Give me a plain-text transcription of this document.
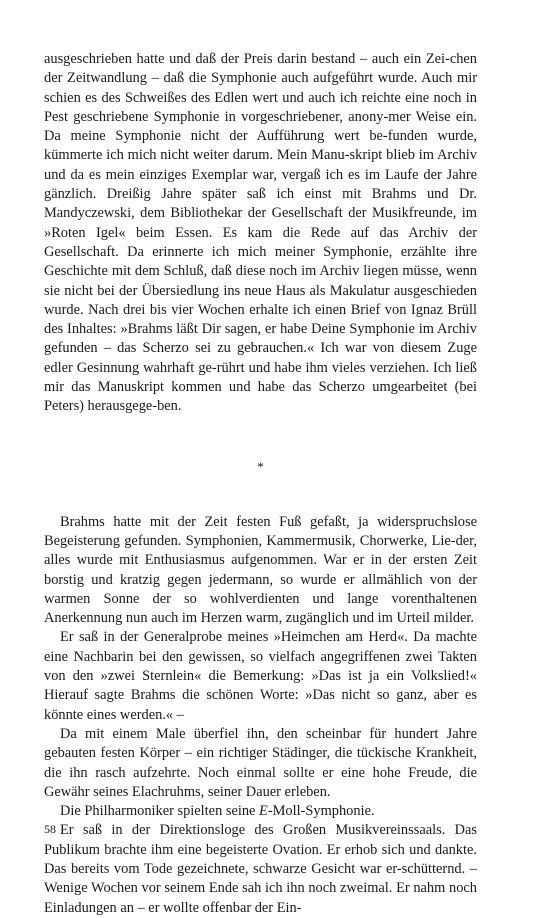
ausgeschrieben hatte und daß der Preis darin bestand – auch ein Zei-chen der Zeitwandlung – daß die Symphonie auch aufgeführt wurde. Auch mir schien es des Schweißes des Edlen wert und auch ich reichte eine noch in Pest geschriebene Symphonie in vorgeschriebener, anony-mer Weise ein. Da meine Symphonie nicht der Aufführung wert be-funden wurde, kümmerte ich mich nicht weiter darum. Mein Manu-skript blieb im Archiv und da es mein einziges Exemplar war, vergaß ich es im Laufe der Jahre gänzlich. Dreißig Jahre später saß ich einst mit Brahms und Dr. Mandyczewski, dem Bibliothekar der Gesellschaft der Musikfreunde, im »Roten Igel« beim Essen. Es kam die Rede auf das Archiv der Gesellschaft. Da erinnerte ich mich meiner Symphonie, erzählte ihre Geschichte mit dem Schluß, daß diese noch im Archiv liegen müsse, wenn sie nicht bei der Übersiedlung ins neue Haus als Makulatur ausgeschieden wurde. Nach drei bis vier Wochen erhalte ich einen Brief von Ignaz Brüll des Inhaltes: »Brahms läßt Dir sagen, er habe Deine Symphonie im Archiv gefunden – das Scherzo sei zu gebrauchen.« Ich war von diesem Zuge edler Gesinnung wahrhaft ge-rührt und habe ihm vieles verziehen. Ich ließ mir das Manuskript kommen und habe das Scherzo umgearbeitet (bei Peters) herausgege-ben.

*

Brahms hatte mit der Zeit festen Fuß gefaßt, ja widerspruchslose Begeisterung gefunden. Symphonien, Kammermusik, Chorwerke, Lie-der, alles wurde mit Enthusiasmus aufgenommen. War er in der ersten Zeit borstig und kratzig gegen jedermann, so wurde er allmählich von der warmen Sonne der so wohlverdienten und lange vorenthaltenen Anerkennung nun auch im Herzen warm, zugänglich und im Urteil milder.

Er saß in der Generalprobe meines »Heimchen am Herd«. Da machte eine Nachbarin bei den gewissen, so vielfach angegriffenen zwei Takten von den »zwei Sternlein« die Bemerkung: »Das ist ja ein Volkslied!« Hierauf sagte Brahms die schönen Worte: »Das nicht so ganz, aber es könnte eines werden.« –

Da mit einem Male überfiel ihn, den scheinbar für hundert Jahre gebauten festen Körper – ein richtiger Städinger, die tückische Krankheit, die ihn rasch aufzehrte. Noch einmal sollte er eine hohe Freude, die Gewähr seines Elachruhms, seiner Dauer erleben.

Die Philharmoniker spielten seine E-Moll-Symphonie.

Er saß in der Direktionsloge des Großen Musikvereinssaals. Das Publikum brachte ihm eine begeisterte Ovation. Er erhob sich und dankte. Das bereits vom Tode gezeichnete, schwarze Gesicht war er-schütternd. – Wenige Wochen vor seinem Ende sah ich ihn noch zweimal. Er nahm noch Einladungen an – er wollte offenbar der Ein-

58
